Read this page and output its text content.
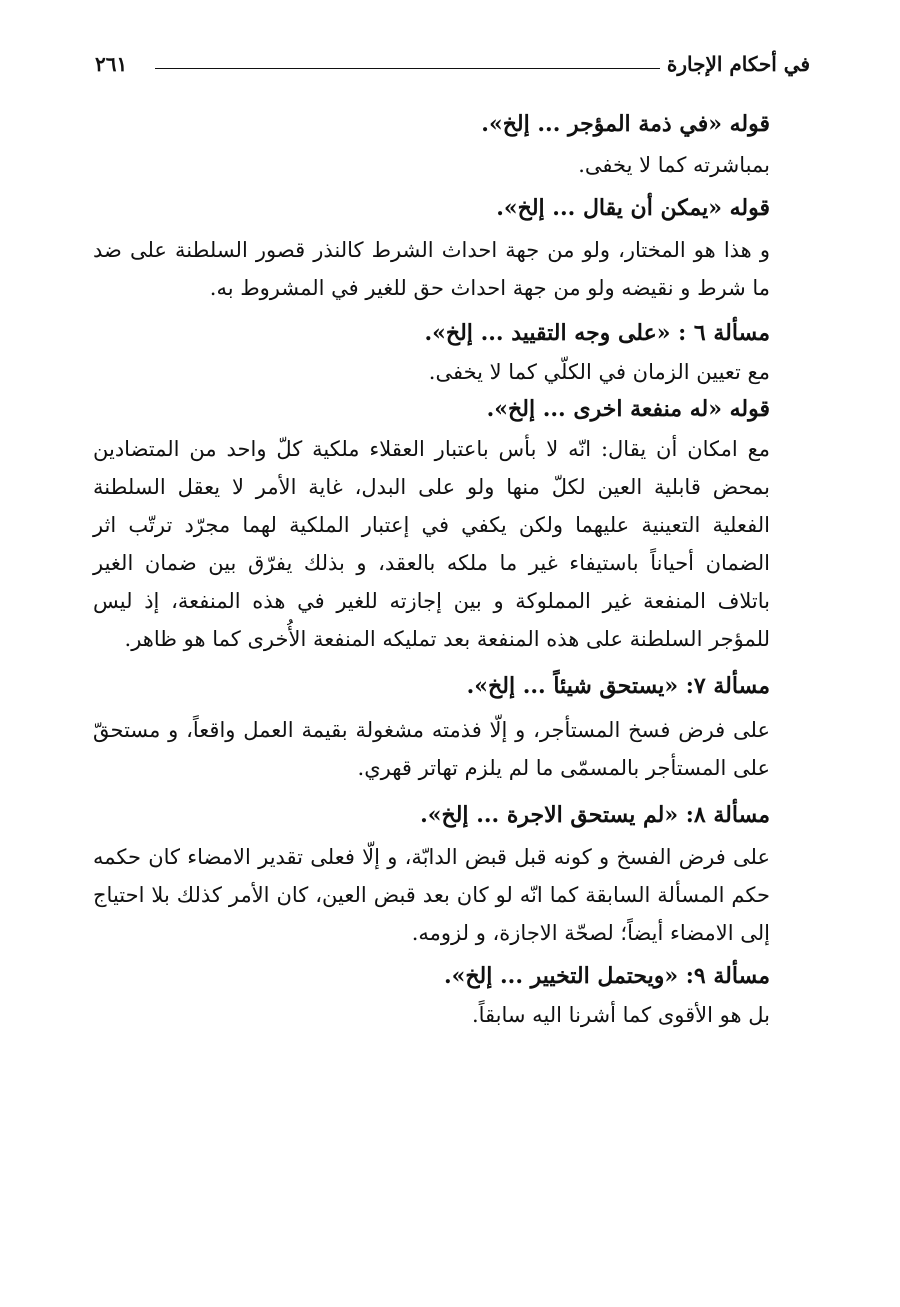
في أحكام الإجارة
٢٦١
قوله «في ذمة المؤجر ... إلخ».
بمباشرته كما لا يخفى.
قوله «يمكن أن يقال ... إلخ».

و هذا هو المختار، ولو من جهة احداث الشرط كالنذر قصور السلطنة على ضد ما شرط و نقيضه ولو من جهة احداث حق للغير في المشروط به.

مسألة ٦ : «على وجه التقييد ... إلخ».
مع تعيين الزمان في الكلّي كما لا يخفى.
قوله «له منفعة اخرى ... إلخ».

مع امكان أن يقال: انّه لا بأس باعتبار العقلاء ملكية كلّ واحد من المتضادين بمحض قابلية العين لكلّ منها ولو على البدل، غاية الأمر لا يعقل السلطنة الفعلية التعينية عليهما ولكن يكفي في إعتبار الملكية لهما مجرّد ترتّب اثر الضمان أحياناً باستيفاء غير ما ملكه بالعقد، و بذلك يفرّق بين ضمان الغير باتلاف المنفعة غير المملوكة و بين إجازته للغير في هذه المنفعة، إذ ليس للمؤجر السلطنة على هذه المنفعة بعد تمليكه المنفعة الأُخرى كما هو ظاهر.

مسألة ٧: «يستحق شيئاً ... إلخ».

على فرض فسخ المستأجر، و إلّا فذمته مشغولة بقيمة العمل واقعاً، و مستحقّ على المستأجر بالمسمّى ما لم يلزم تهاتر قهري.

مسألة ٨: «لم يستحق الاجرة ... إلخ».

على فرض الفسخ و كونه قبل قبض الدابّة، و إلّا فعلى تقدير الامضاء كان حكمه حكم المسألة السابقة كما انّه لو كان بعد قبض العين، كان الأمر كذلك بلا احتياج إلى الامضاء أيضاً؛ لصحّة الاجازة، و لزومه.

مسألة ٩: «ويحتمل التخيير ... إلخ».
بل هو الأقوى كما أشرنا اليه سابقاً.
